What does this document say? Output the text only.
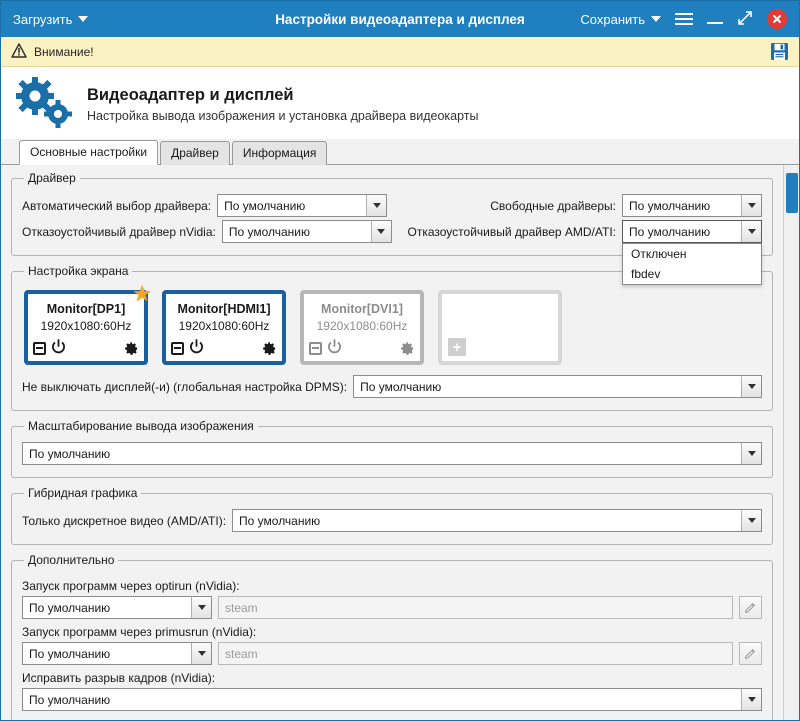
Загрузить	Настройки видеоадаптера и дисплея	Сохранить
Внимание!
Видеоадаптер и дисплей

Настройка вывода изображения и установка драйвера видеокарты

Основные настройки	Драйвер	Информация
Драйвер
Автоматический выбор драйвера:	По умолчанию	Свободные драйверы:	По умолчанию
Отказоустойчивый драйвер nVidia:	По умолчанию	Отказоустойчивый драйвер AMD/ATI:	По умолчанию
Отключен
fbdev
Настройка экрана
★
Monitor[DP1]
1920x1080:60Hz
Monitor[HDMI1]
1920x1080:60Hz
Monitor[DVI1]
1920x1080:60Hz
+
Не выключать дисплей(-и) (глобальная настройка DPMS):	По умолчанию
Масштабирование вывода изображения
По умолчанию
Гибридная графика
Только дискретное видео (AMD/ATI):	По умолчанию
Дополнительно
Запуск программ через optirun (nVidia):
По умолчанию	steam
Запуск программ через primusrun (nVidia):
По умолчанию	steam
Исправить разрыв кадров (nVidia):
По умолчанию
